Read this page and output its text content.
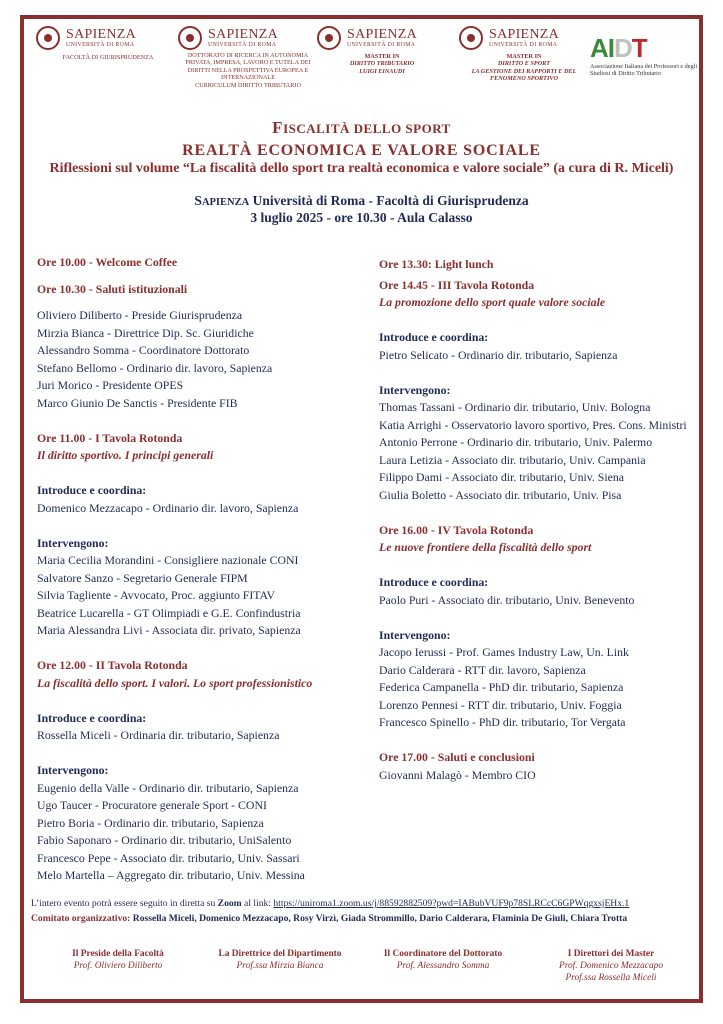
SAPIENZA
UNIVERSITÀ DI ROMA
FACOLTÀ DI GIURISPRUDENZA
SAPIENZA
UNIVERSITÀ DI ROMA
DOTTORATO DI RICERCA IN AUTONOMIA PRIVATA, IMPRESA, LAVORO E TUTELA DEI DIRITTI NELLA PROSPETTIVA EUROPEA E INTERNAZIONALE
CURRICULUM DIRITTO TRIBUTARIO
SAPIENZA
UNIVERSITÀ DI ROMA
MASTER IN
DIRITTO TRIBUTARIO
LUIGI EINAUDI
SAPIENZA
UNIVERSITÀ DI ROMA
MASTER IN
DIRITTO E SPORT
LA GESTIONE DEI RAPPORTI E DEL FENOMENO SPORTIVO
AIDT
Associazione Italiana dei Professori e degli Studiosi di Diritto Tributario
FISCALITÀ DELLO SPORT
REALTÀ ECONOMICA E VALORE SOCIALE
Riflessioni sul volume “La fiscalità dello sport tra realtà economica e valore sociale” (a cura di R. Miceli)
SAPIENZA Università di Roma - Facoltà di Giurisprudenza
3 luglio 2025 - ore 10.30 - Aula Calasso
Ore 10.00 - Welcome Coffee
Ore 10.30 - Saluti istituzionali
Oliviero Diliberto - Preside Giurisprudenza
Mirzia Bianca - Direttrice Dip. Sc. Giuridiche
Alessandro Somma - Coordinatore Dottorato
Stefano Bellomo - Ordinario dir. lavoro, Sapienza
Juri Morico - Presidente OPES
Marco Giunio De Sanctis - Presidente FIB
Ore 11.00 - I Tavola Rotonda
Il diritto sportivo. I principi generali
Introduce e coordina:
Domenico Mezzacapo - Ordinario dir. lavoro, Sapienza
Intervengono:
Maria Cecilia Morandini - Consigliere nazionale CONI
Salvatore Sanzo - Segretario Generale FIPM
Silvia Tagliente - Avvocato, Proc. aggiunto FITAV
Beatrice Lucarella - GT Olimpiadi e G.E. Confindustria
Maria Alessandra Livi - Associata dir. privato, Sapienza
Ore 12.00 - II Tavola Rotonda
La fiscalità dello sport. I valori. Lo sport professionistico
Introduce e coordina:
Rossella Miceli - Ordinaria dir. tributario, Sapienza
Intervengono:
Eugenio della Valle - Ordinario dir. tributario, Sapienza
Ugo Taucer - Procuratore generale Sport - CONI
Pietro Boria - Ordinario dir. tributario, Sapienza
Fabio Saponaro - Ordinario dir. tributario, UniSalento
Francesco Pepe - Associato dir. tributario, Univ. Sassari
Melo Martella – Aggregato dir. tributario, Univ. Messina
Ore 13.30: Light lunch
Ore 14.45 - III Tavola Rotonda
La promozione dello sport quale valore sociale
Introduce e coordina:
Pietro Selicato - Ordinario dir. tributario, Sapienza
Intervengono:
Thomas Tassani - Ordinario dir. tributario, Univ. Bologna
Katia Arrighi - Osservatorio lavoro sportivo, Pres. Cons. Ministri
Antonio Perrone - Ordinario dir. tributario, Univ. Palermo
Laura Letizia - Associato dir. tributario, Univ. Campania
Filippo Dami - Associato dir. tributario, Univ. Siena
Giulia Boletto - Associato dir. tributario, Univ. Pisa
Ore 16.00 - IV Tavola Rotonda
Le nuove frontiere della fiscalità dello sport
Introduce e coordina:
Paolo Puri - Associato dir. tributario, Univ. Benevento
Intervengono:
Jacopo Ierussi - Prof. Games Industry Law, Un. Link
Dario Calderara - RTT dir. lavoro, Sapienza
Federica Campanella - PhD dir. tributario, Sapienza
Lorenzo Pennesi - RTT dir. tributario, Univ. Foggia
Francesco Spinello - PhD dir. tributario, Tor Vergata
Ore 17.00 - Saluti e conclusioni
Giovanni Malagò - Membro CIO
L’intero evento potrà essere seguito in diretta su Zoom al link: https://uniroma1.zoom.us/j/88592882509?pwd=IABubVUF9p78SLRCcC6GPWqgxsjEHx.1
Comitato organizzativo: Rossella Miceli, Domenico Mezzacapo, Rosy Virzì, Giada Strommillo, Dario Calderara, Flaminia De Giuli, Chiara Trotta
Il Preside della Facoltà
Prof. Oliviero Diliberto
La Direttrice del Dipartimento
Prof.ssa Mirzia Bianca
Il Coordinatore del Dottorato
Prof. Alessandro Somma
I Direttori dei Master
Prof. Domenico Mezzacapo
Prof.ssa Rossella Miceli
